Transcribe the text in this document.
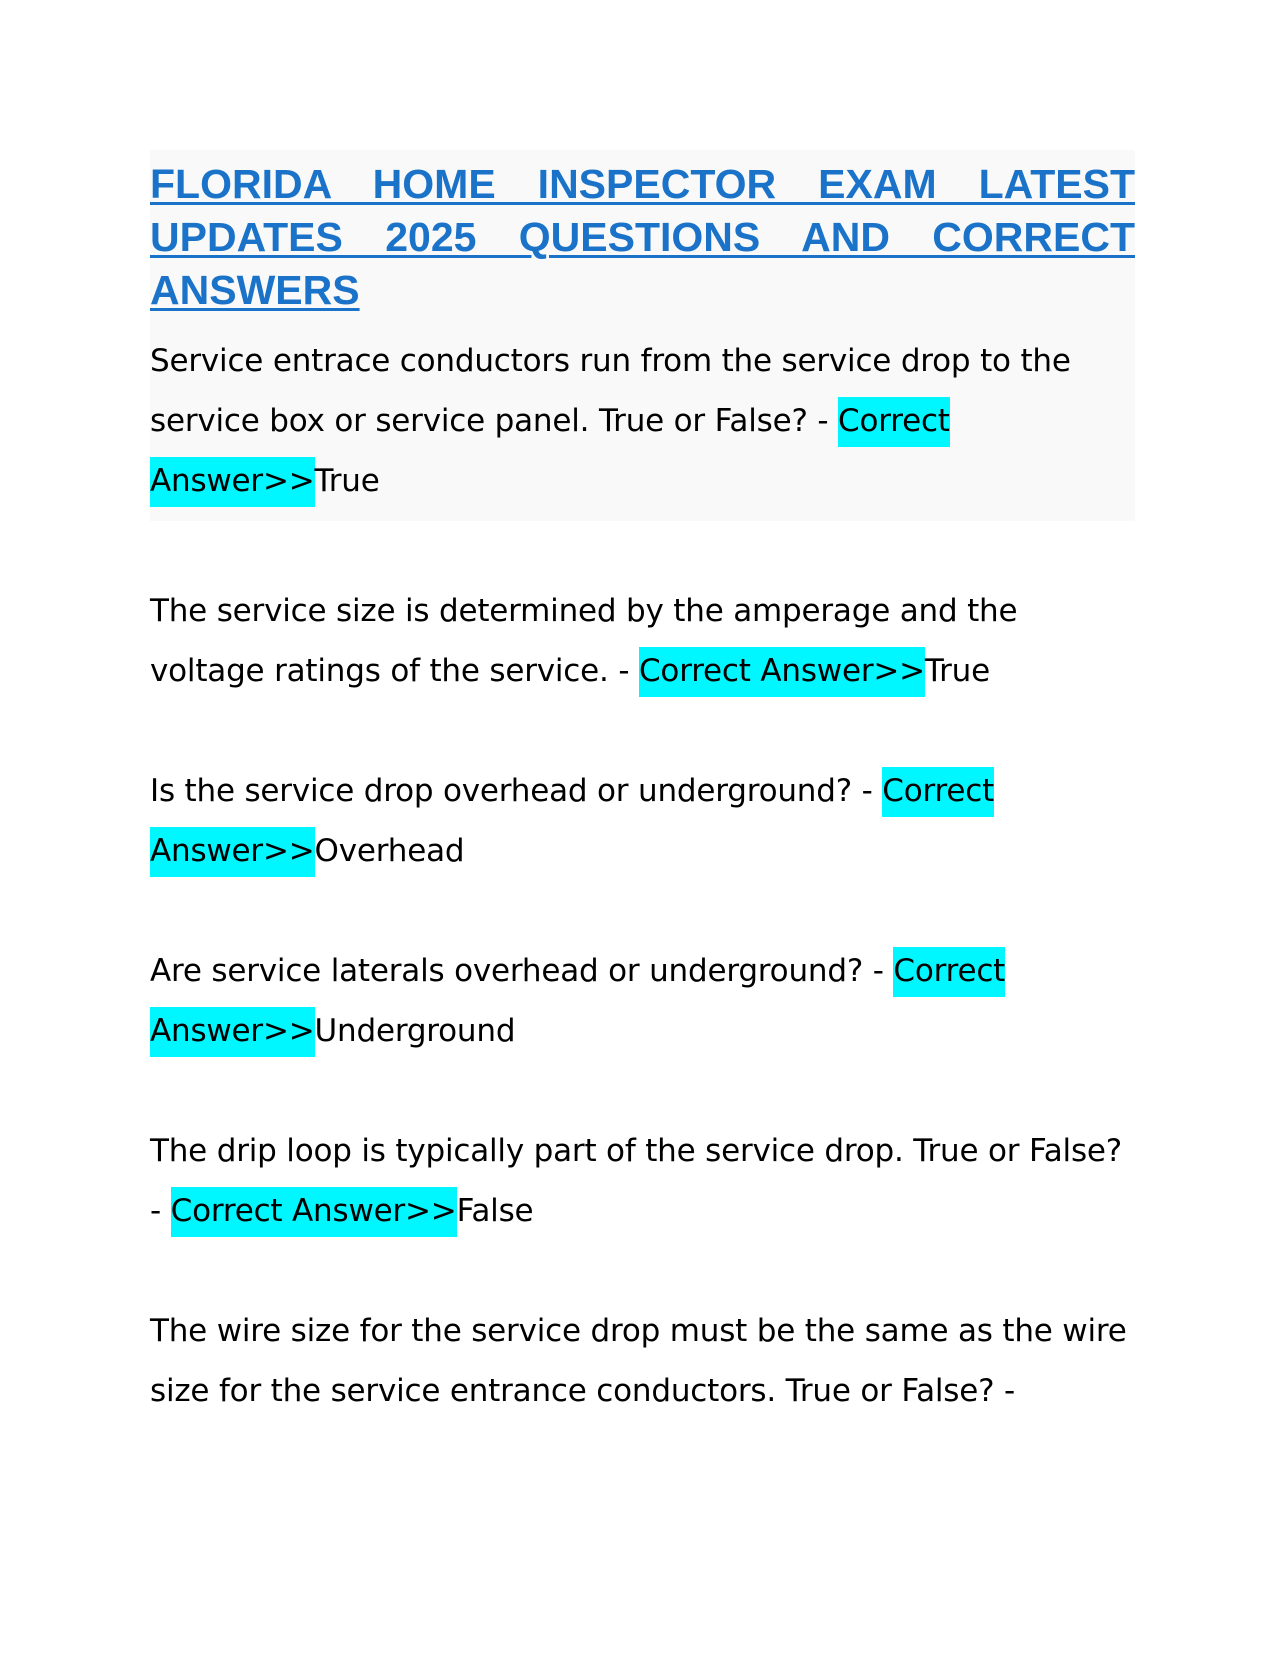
FLORIDA HOME INSPECTOR EXAM LATEST UPDATES 2025 QUESTIONS AND CORRECT ANSWERS

Service entrace conductors run from the service drop to the service box or service panel. True or False? - Correct Answer>>True

The service size is determined by the amperage and the voltage ratings of the service. - Correct Answer>>True

Is the service drop overhead or underground? - Correct Answer>>Overhead

Are service laterals overhead or underground? - Correct Answer>>Underground

The drip loop is typically part of the service drop. True or False? - Correct Answer>>False

The wire size for the service drop must be the same as the wire size for the service entrance conductors. True or False? -
